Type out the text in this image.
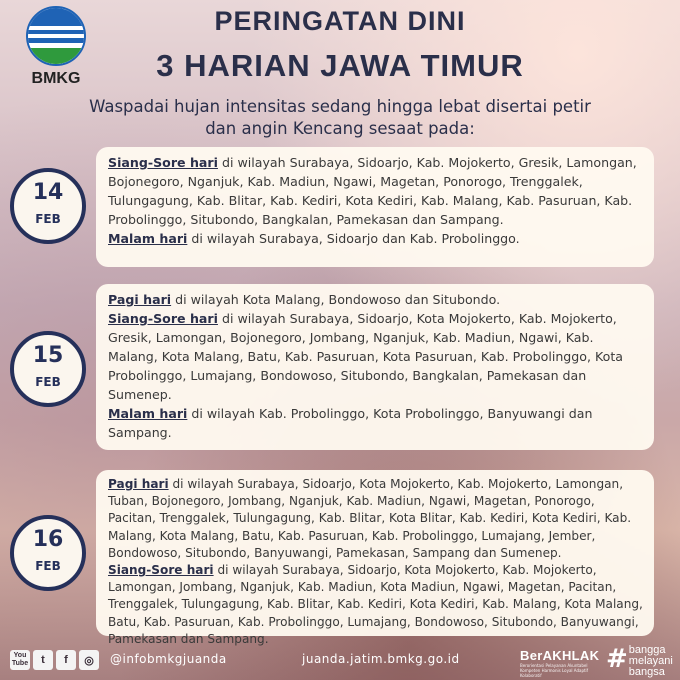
BMKG
PERINGATAN DINI
3 HARIAN JAWA TIMUR
Waspadai hujan intensitas sedang hingga lebat disertai petir
dan angin Kencang sesaat pada:
14
FEB
Siang-Sore hari di wilayah Surabaya, Sidoarjo, Kab. Mojokerto, Gresik, Lamongan, Bojonegoro, Nganjuk, Kab. Madiun, Ngawi, Magetan, Ponorogo, Trenggalek, Tulungagung, Kab. Blitar, Kab. Kediri, Kota Kediri, Kab. Malang, Kab. Pasuruan, Kab. Probolinggo, Situbondo, Bangkalan, Pamekasan dan Sampang.
Malam hari di wilayah Surabaya, Sidoarjo dan Kab. Probolinggo.
15
FEB
Pagi hari di wilayah Kota Malang, Bondowoso dan Situbondo.
Siang-Sore hari di wilayah Surabaya, Sidoarjo, Kota Mojokerto, Kab. Mojokerto, Gresik, Lamongan, Bojonegoro, Jombang, Nganjuk, Kab. Madiun, Ngawi, Kab. Malang, Kota Malang, Batu, Kab. Pasuruan, Kota Pasuruan, Kab. Probolinggo, Kota Probolinggo, Lumajang, Bondowoso, Situbondo, Bangkalan, Pamekasan dan Sumenep.
Malam hari di wilayah Kab. Probolinggo, Kota Probolinggo, Banyuwangi dan Sampang.
16
FEB
Pagi hari di wilayah Surabaya, Sidoarjo, Kota Mojokerto, Kab. Mojokerto, Lamongan, Tuban, Bojonegoro, Jombang, Nganjuk, Kab. Madiun, Ngawi, Magetan, Ponorogo, Pacitan, Trenggalek, Tulungagung, Kab. Blitar, Kota Blitar, Kab. Kediri, Kota Kediri, Kab. Malang, Kota Malang, Batu, Kab. Pasuruan, Kab. Probolinggo, Lumajang, Jember, Bondowoso, Situbondo, Banyuwangi, Pamekasan, Sampang dan Sumenep.
Siang-Sore hari di wilayah Surabaya, Sidoarjo, Kota Mojokerto, Kab. Mojokerto, Lamongan, Jombang, Nganjuk, Kab. Madiun, Kota Madiun, Ngawi, Magetan, Pacitan, Trenggalek, Tulungagung, Kab. Blitar, Kab. Kediri, Kota Kediri, Kab. Malang, Kota Malang, Batu, Kab. Pasuruan, Kab. Probolinggo, Lumajang, Bondowoso, Situbondo, Banyuwangi, Pamekasan dan Sampang.
You
Tube	t	f	◎	@infobmkgjuanda	juanda.jatim.bmkg.go.id	BerAKHLAK
Berorientasi Pelayanan Akuntabel Kompeten Harmonis Loyal Adaptif Kolaboratif
# bangga
melayani
bangsa
